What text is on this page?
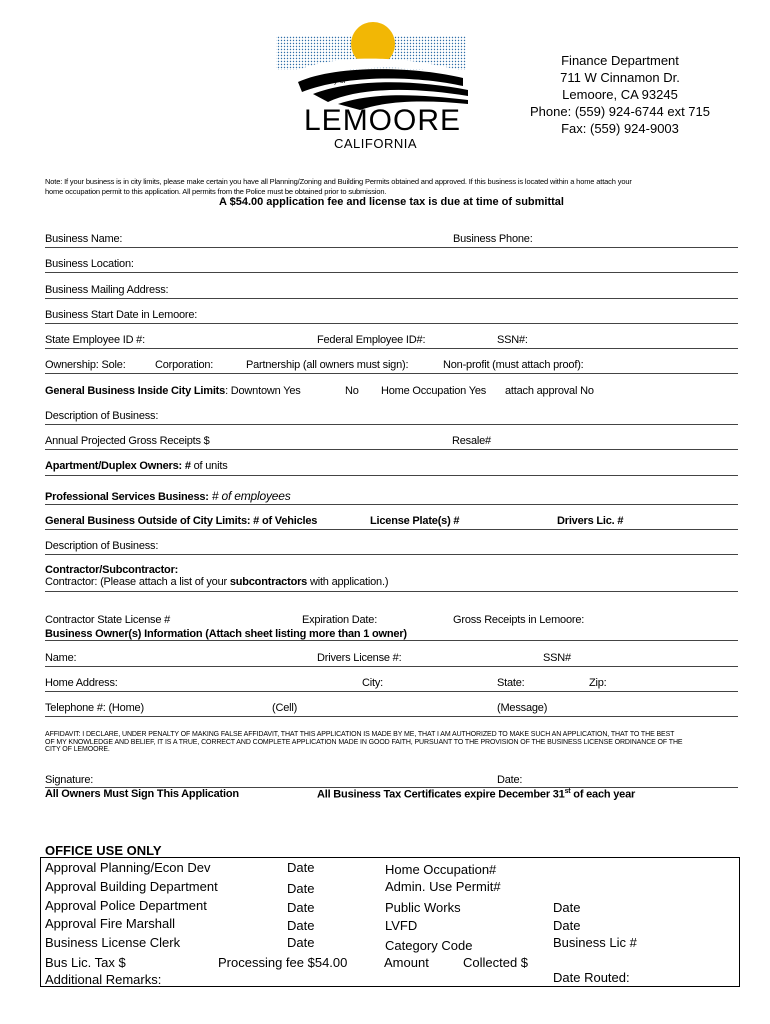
City of
LEMOORE
CALIFORNIA
Finance Department
711 W Cinnamon Dr.
Lemoore, CA 93245
Phone: (559) 924-6744 ext 715
Fax: (559) 924-9003
Note: If your business is in city limits, please make certain you have all Planning/Zoning and Building Permits obtained and approved. If this business is located within a home attach your
home occupation permit to this application. All permits from the Police must be obtained prior to submission.
A $54.00 application fee and license tax is due at time of submittal
Business Name:	Business Phone:
Business Location:
Business Mailing Address:
Business Start Date in Lemoore:
State Employee ID #:	Federal Employee ID#:	SSN#:
Ownership: Sole:	Corporation:	Partnership (all owners must sign):	Non-profit (must attach proof):
General Business Inside City Limits: Downtown Yes	No Home Occupation Yes attach approval No
Description of Business:
Annual Projected Gross Receipts $	Resale#
Apartment/Duplex Owners: # of units
Professional Services Business: # of employees
General Business Outside of City Limits: # of Vehicles	License Plate(s) #	Drivers Lic. #
Description of Business:
Contractor/Subcontractor:
Contractor: (Please attach a list of your subcontractors with application.)
Contractor State License #	Expiration Date:	Gross Receipts in Lemoore:
Business Owner(s) Information (Attach sheet listing more than 1 owner)
Name:	Drivers License #:	SSN#
Home Address:	City:	State:	Zip:
Telephone #: (Home)	(Cell)	(Message)
AFFIDAVIT: I DECLARE, UNDER PENALTY OF MAKING FALSE AFFIDAVIT, THAT THIS APPLICATION IS MADE BY ME, THAT I AM AUTHORIZED TO MAKE SUCH AN APPLICATION, THAT TO THE BEST
OF MY KNOWLEDGE AND BELIEF, IT IS A TRUE, CORRECT AND COMPLETE APPLICATION MADE IN GOOD FAITH, PURSUANT TO THE PROVISION OF THE BUSINESS LICENSE ORDINANCE OF THE
CITY OF LEMOORE.
Signature:	Date:
All Owners Must Sign This Application	All Business Tax Certificates expire December 31st of each year
OFFICE USE ONLY
Approval Planning/Econ Dev	Date	Home Occupation#
Approval Building Department	Date	Admin. Use Permit#
Approval Police Department	Date	Public Works	Date
Approval Fire Marshall	Date	LVFD	Date
Business License Clerk	Date	Category Code	Business Lic #
Bus Lic. Tax $	Processing fee $54.00	Amount	Collected $
Additional Remarks:	Date Routed:
